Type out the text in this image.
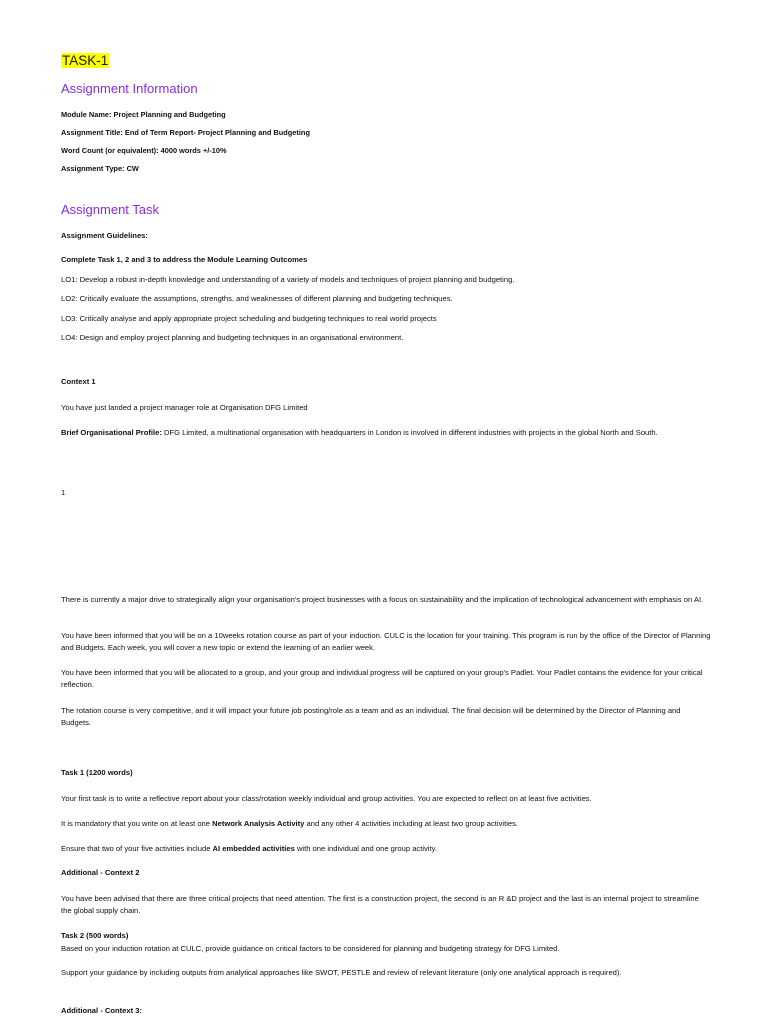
TASK-1
Assignment Information
Module Name: Project Planning and Budgeting
Assignment Title: End of Term Report- Project Planning and Budgeting
Word Count (or equivalent): 4000 words +/-10%
Assignment Type: CW
Assignment Task
Assignment Guidelines:
Complete Task 1, 2 and 3 to address the Module Learning Outcomes
LO1: Develop a robust in-depth knowledge and understanding of a variety of models and techniques of project planning and budgeting.
LO2: Critically evaluate the assumptions, strengths, and weaknesses of different planning and budgeting techniques.
LO3: Critically analyse and apply appropriate project scheduling and budgeting techniques to real world projects
LO4: Design and employ project planning and budgeting techniques in an organisational environment.
Context 1
You have just landed a project manager role at Organisation DFG Limited
Brief Organisational Profile: DFG Limited, a multinational organisation with headquarters in London is involved in different industries with projects in the global North and South.
1
There is currently a major drive to strategically align your organisation's project businesses with a focus on sustainability and the implication of technological advancement with emphasis on AI.
You have been informed that you will be on a 10weeks rotation course as part of your induction. CULC is the location for your training. This program is run by the office of the Director of Planning and Budgets. Each week, you will cover a new topic or extend the learning of an earlier week.
You have been informed that you will be allocated to a group, and your group and individual progress will be captured on your group's Padlet. Your Padlet contains the evidence for your critical reflection.
The rotation course is very competitive, and it will impact your future job posting/role as a team and as an individual. The final decision will be determined by the Director of Planning and Budgets.
Task 1 (1200 words)
Your first task is to write a reflective report about your class/rotation weekly individual and group activities. You are expected to reflect on at least five activities.
It is mandatory that you write on at least one Network Analysis Activity and any other 4 activities including at least two group activities.
Ensure that two of your five activities include AI embedded activities with one individual and one group activity.
Additional - Context 2
You have been advised that there are three critical projects that need attention. The first is a construction project, the second is an R &D project and the last is an internal project to streamline the global supply chain.
Task 2 (500 words)
Based on your induction rotation at CULC, provide guidance on critical factors to be considered for planning and budgeting strategy for DFG Limited.
Support your guidance by including outputs from analytical approaches like SWOT, PESTLE and review of relevant literature (only one analytical approach is required).
Additional - Context 3:
